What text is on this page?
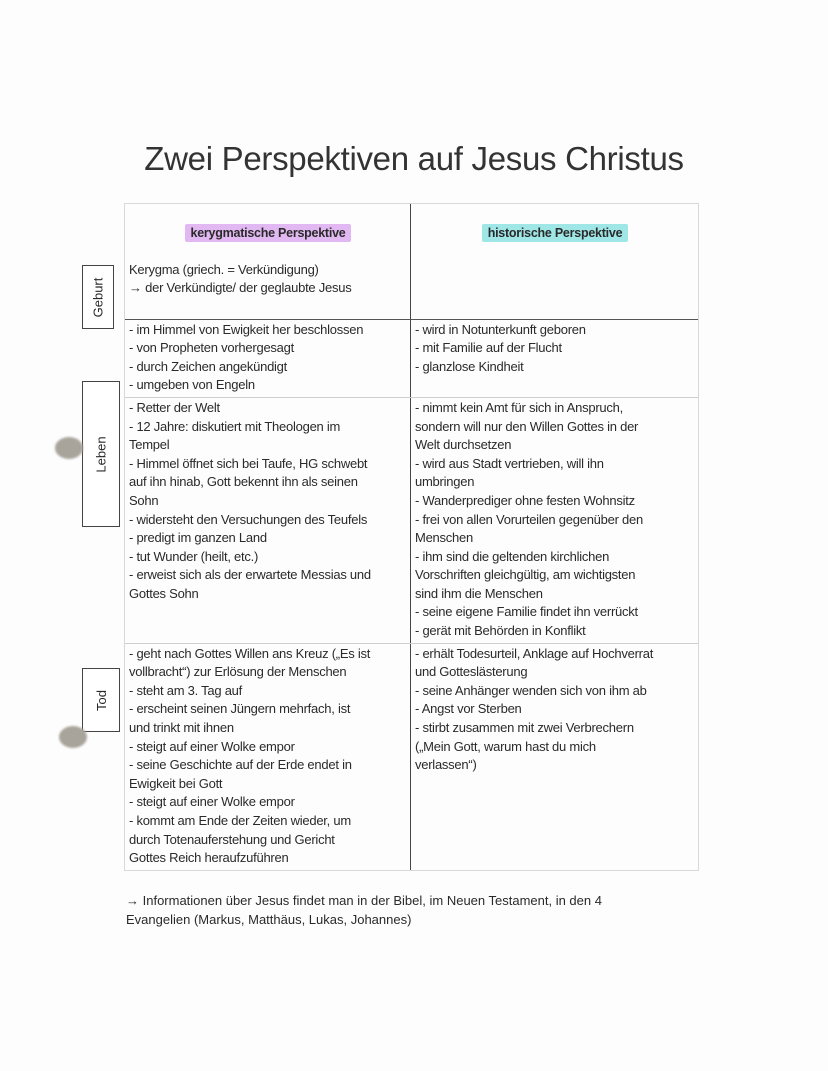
Zwei Perspektiven auf Jesus Christus

kerygmatische Perspektive

Kerygma (griech. = Verkündigung)
→ der Verkündigte/ der geglaubte Jesus

historische Perspektive

- im Himmel von Ewigkeit her beschlossen
- von Propheten vorhergesagt
- durch Zeichen angekündigt
- umgeben von Engeln
- wird in Notunterkunft geboren
- mit Familie auf der Flucht
- glanzlose Kindheit
- Retter der Welt
- 12 Jahre: diskutiert mit Theologen im
Tempel
- Himmel öffnet sich bei Taufe, HG schwebt
auf ihn hinab, Gott bekennt ihn als seinen
Sohn
- widersteht den Versuchungen des Teufels
- predigt im ganzen Land
- tut Wunder (heilt, etc.)
- erweist sich als der erwartete Messias und
Gottes Sohn
- nimmt kein Amt für sich in Anspruch,
sondern will nur den Willen Gottes in der
Welt durchsetzen
- wird aus Stadt vertrieben, will ihn
umbringen
- Wanderprediger ohne festen Wohnsitz
- frei von allen Vorurteilen gegenüber den
Menschen
- ihm sind die geltenden kirchlichen
Vorschriften gleichgültig, am wichtigsten
sind ihm die Menschen
- seine eigene Familie findet ihn verrückt
- gerät mit Behörden in Konflikt
- geht nach Gottes Willen ans Kreuz („Es ist
vollbracht“) zur Erlösung der Menschen
- steht am 3. Tag auf
- erscheint seinen Jüngern mehrfach, ist
und trinkt mit ihnen
- steigt auf einer Wolke empor
- seine Geschichte auf der Erde endet in
Ewigkeit bei Gott
- steigt auf einer Wolke empor
- kommt am Ende der Zeiten wieder, um
durch Totenauferstehung und Gericht
Gottes Reich heraufzuführen
- erhält Todesurteil, Anklage auf Hochverrat
und Gotteslästerung
- seine Anhänger wenden sich von ihm ab
- Angst vor Sterben
- stirbt zusammen mit zwei Verbrechern
(„Mein Gott, warum hast du mich
verlassen“)
→ Informationen über Jesus findet man in der Bibel, im Neuen Testament, in den 4
Evangelien (Markus, Matthäus, Lukas, Johannes)
Geburt
Leben
Tod
